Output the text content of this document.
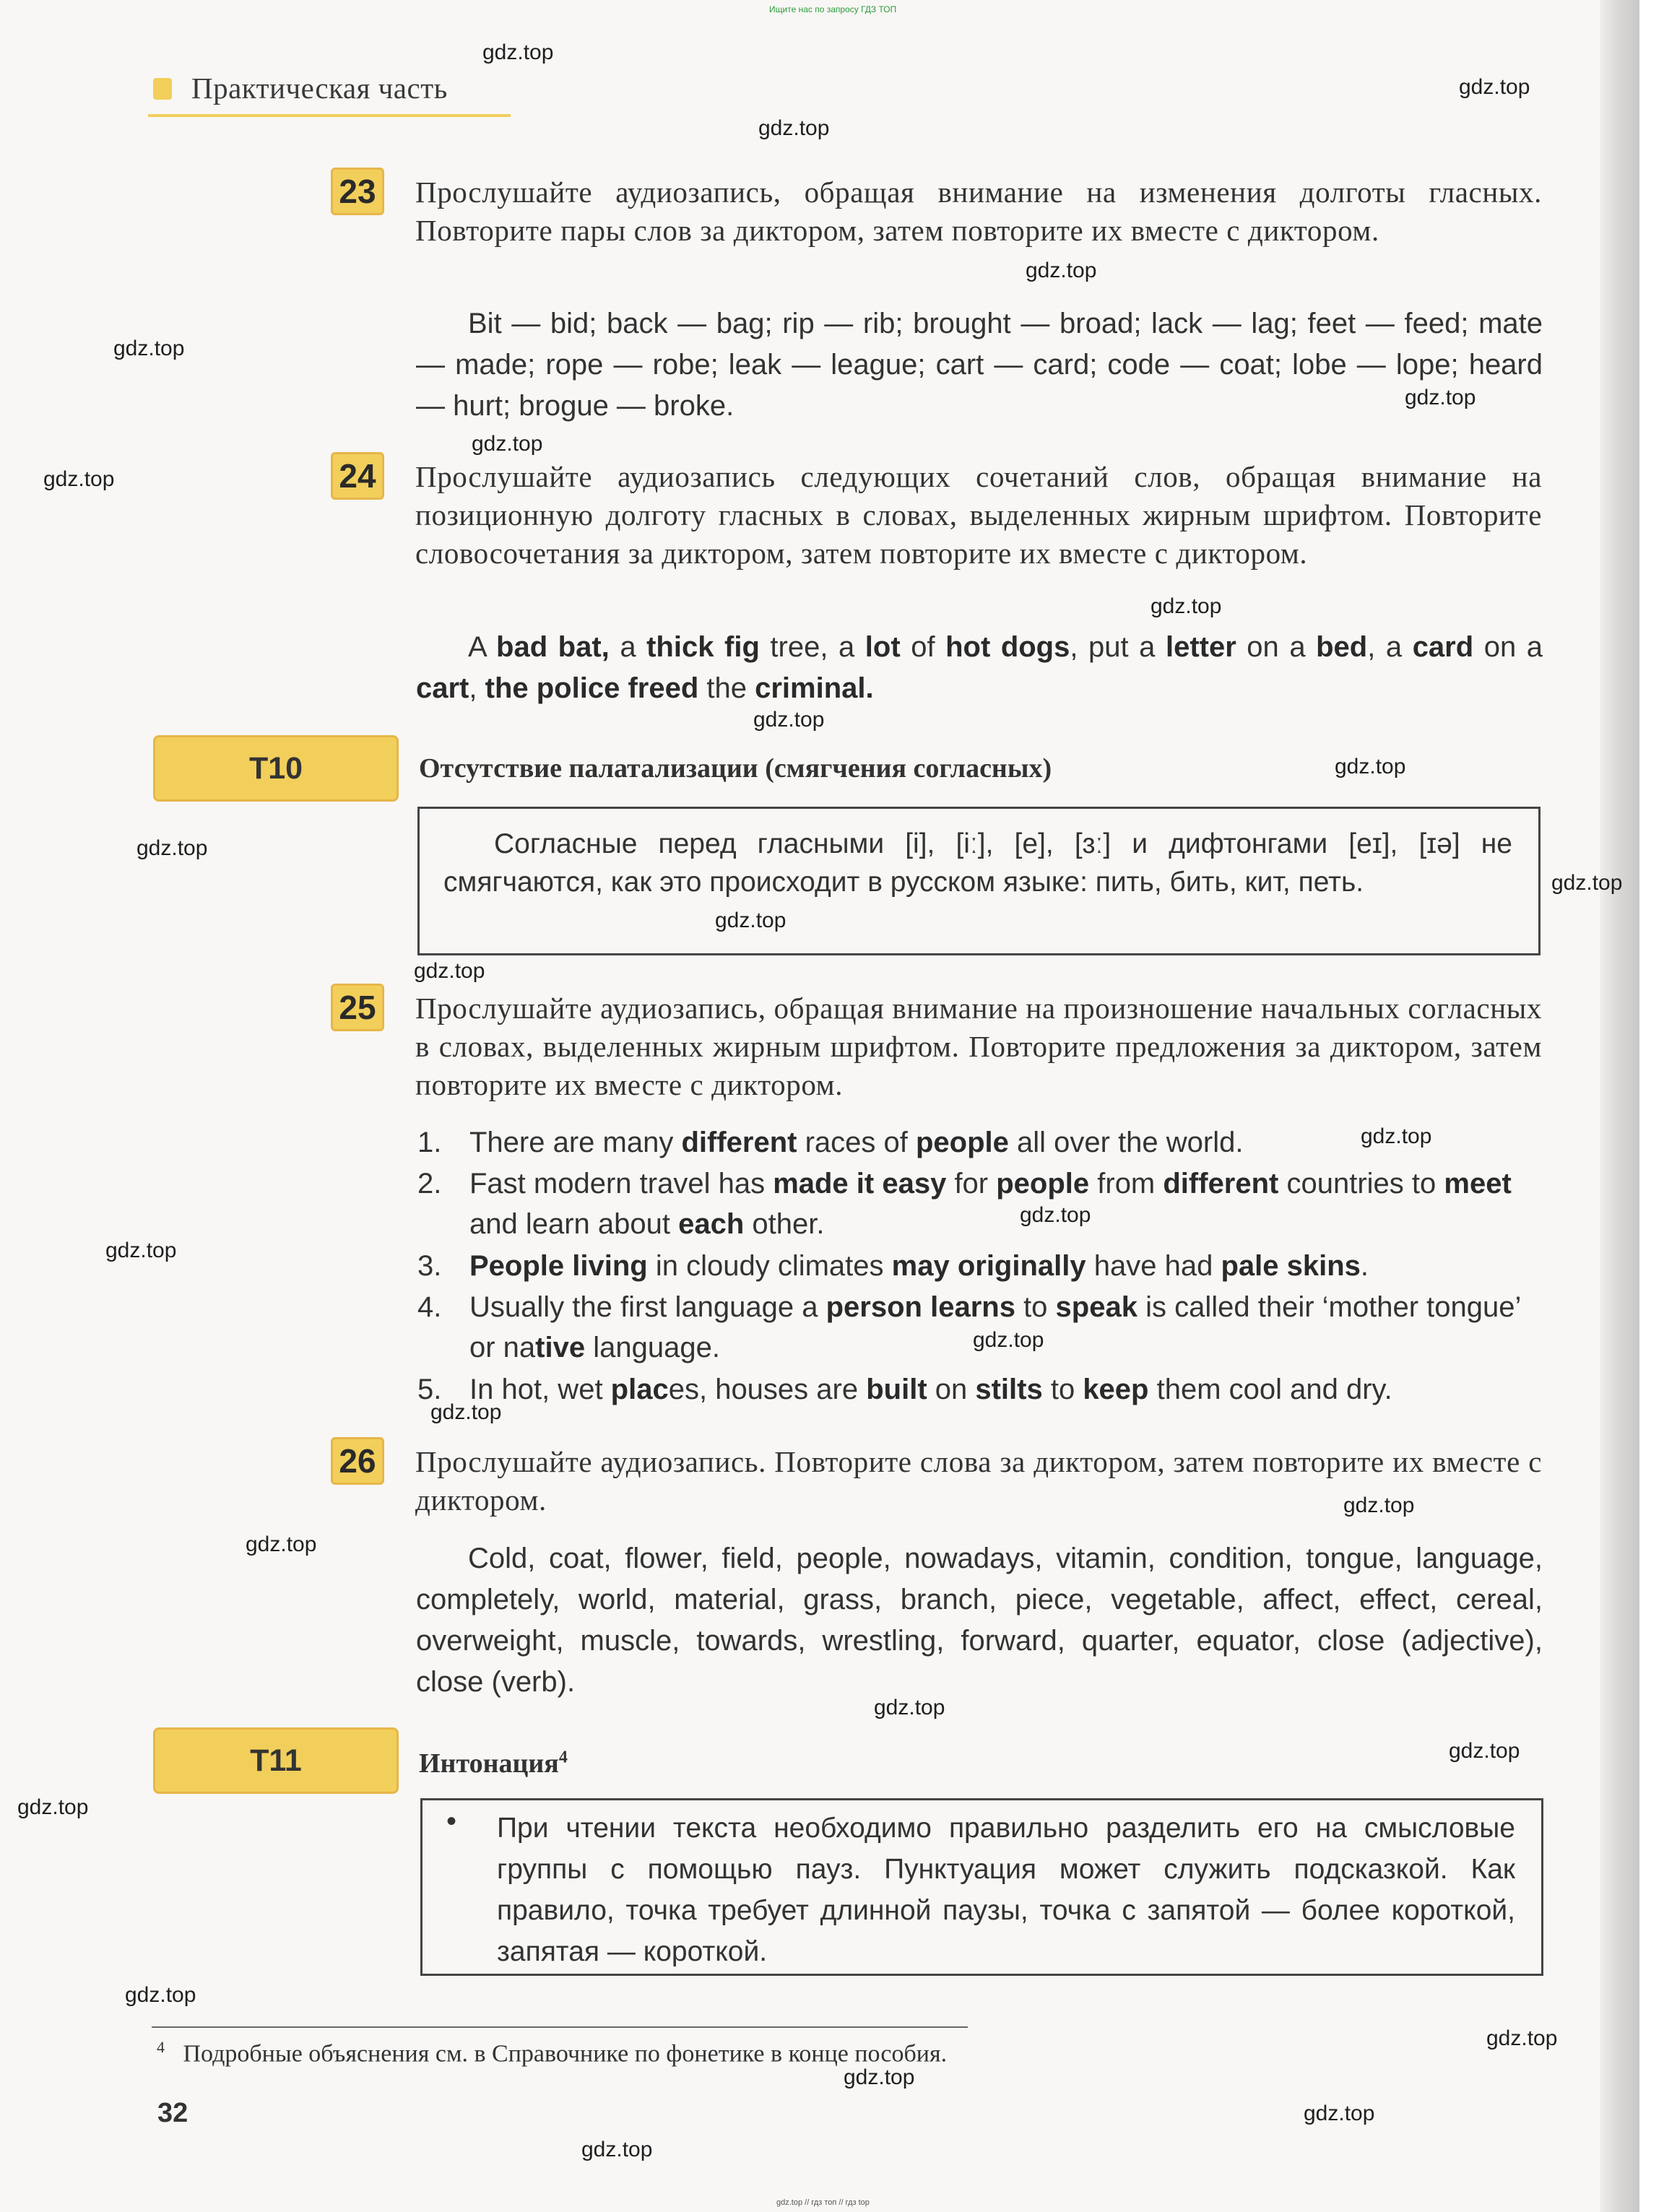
Ищите нас по запросу ГДЗ ТОП
Практическая часть
23 Прослушайте аудиозапись, обращая внимание на изменения долготы гласных. Повторите пары слов за диктором, затем повторите их вместе с диктором.
Bit — bid; back — bag; rip — rib; brought — broad; lack — lag; feet — feed; mate — made; rope — robe; leak — league; cart — card; code — coat; lobe — lope; heard — hurt; brogue — broke.
24 Прослушайте аудиозапись следующих сочетаний слов, обращая внимание на позиционную долготу гласных в словах, выделенных жирным шрифтом. Повторите словосочетания за диктором, затем повторите их вместе с диктором.
A bad bat, a thick fig tree, a lot of hot dogs, put a letter on a bed, a card on a cart, the police freed the criminal.
T10	Отсутствие палатализации (смягчения согласных)
Согласные перед гласными [i], [iː], [e], [ɜː] и дифтонгами [eɪ], [ɪə] не смягчаются, как это происходит в русском языке: пить, бить, кит, петь.
25 Прослушайте аудиозапись, обращая внимание на произношение начальных согласных в словах, выделенных жирным шрифтом. Повторите предложения за диктором, затем повторите их вместе с диктором.
1. There are many different races of people all over the world.
2. Fast modern travel has made it easy for people from different countries to meet and learn about each other.
3. People living in cloudy climates may originally have had pale skins.
4. Usually the first language a person learns to speak is called their ‘mother tongue’ or native language.
5. In hot, wet places, houses are built on stilts to keep them cool and dry.
26 Прослушайте аудиозапись. Повторите слова за диктором, затем повторите их вместе с диктором.
Cold, coat, flower, field, people, nowadays, vitamin, condition, tongue, language, completely, world, material, grass, branch, piece, vegetable, affect, effect, cereal, overweight, muscle, towards, wrestling, forward, quarter, equator, close (adjective), close (verb).
T11	Интонация$^4$
• При чтении текста необходимо правильно разделить его на смысловые группы с помощью пауз. Пунктуация может служить подсказкой. Как правило, точка требует длинной паузы, точка с запятой — более короткой, запятая — короткой.
$^4$ Подробные объяснения см. в Справочнике по фонетике в конце пособия.
32
gdz.top // гдз топ // гдз top
gdz.top
gdz.top
gdz.top
gdz.top
gdz.top
gdz.top
gdz.top
gdz.top
gdz.top
gdz.top
gdz.top
gdz.top
gdz.top
gdz.top
gdz.top
gdz.top
gdz.top
gdz.top
gdz.top
gdz.top
gdz.top
gdz.top
gdz.top
gdz.top
gdz.top
gdz.top
gdz.top
gdz.top
gdz.top
gdz.top
